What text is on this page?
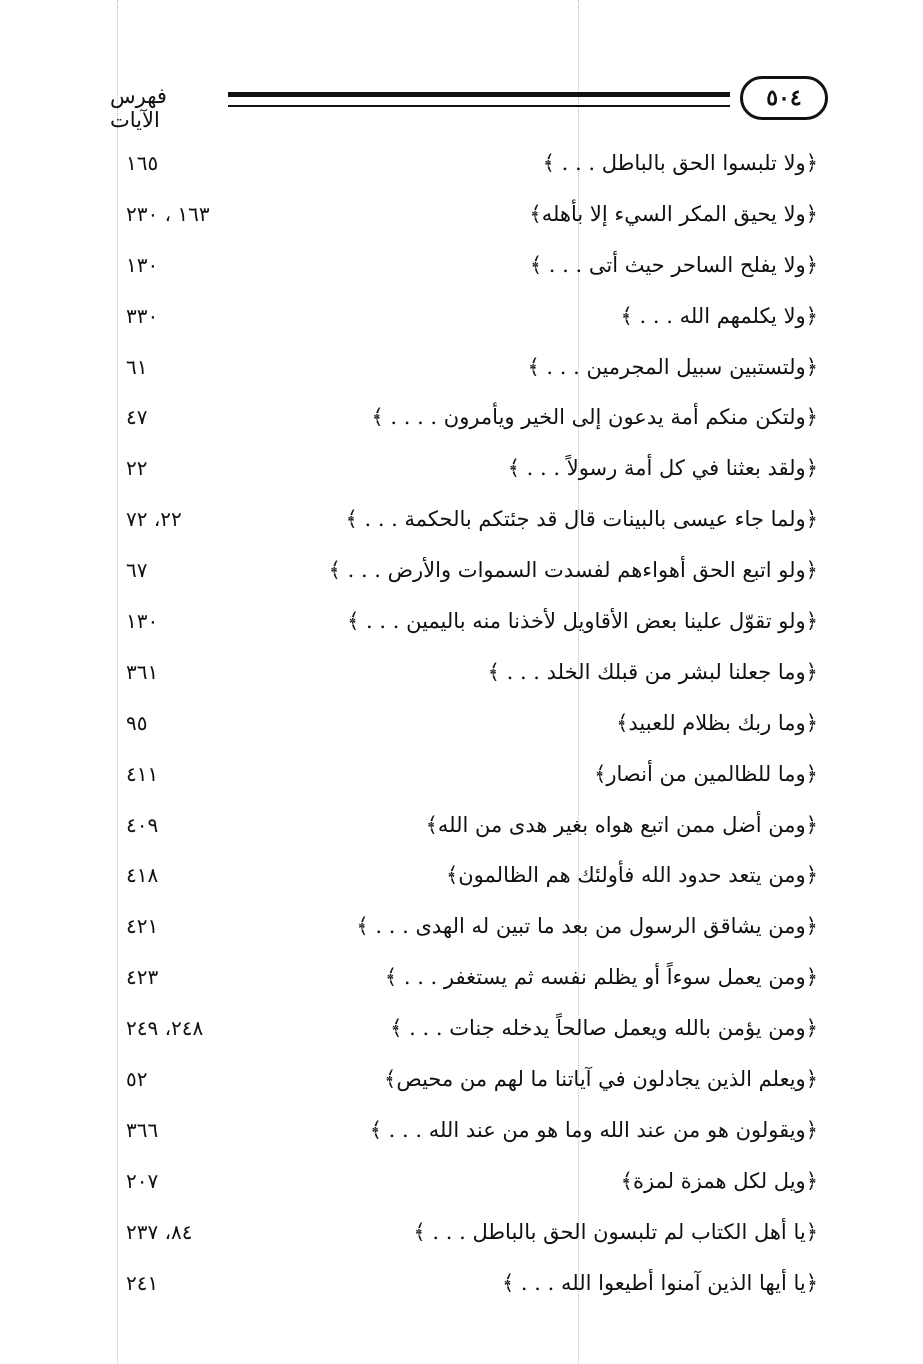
٥٠٤
فهرس الآيات
﴿ولا تلبسوا الحق بالباطل . . . ﴾
١٦٥
﴿ولا يحيق المكر السيء إلا بأهله﴾
١٦٣ ، ٢٣٠
﴿ولا يفلح الساحر حيث أتى . . . ﴾
١٣٠
﴿ولا يكلمهم الله . . . ﴾
٣٣٠
﴿ولتستبين سبيل المجرمين . . . ﴾
٦١
﴿ولتكن منكم أمة يدعون إلى الخير ويأمرون . . . . ﴾
٤٧
﴿ولقد بعثنا في كل أمة رسولاً . . . ﴾
٢٢
﴿ولما جاء عيسى بالبينات قال قد جئتكم بالحكمة . . . ﴾
٢٢، ٧٢
﴿ولو اتبع الحق أهواءهم لفسدت السموات والأرض . . . ﴾
٦٧
﴿ولو تقوّل علينا بعض الأقاويل لأخذنا منه باليمين . . . ﴾
١٣٠
﴿وما جعلنا لبشر من قبلك الخلد . . . ﴾
٣٦١
﴿وما ربك بظلام للعبيد﴾
٩٥
﴿وما للظالمين من أنصار﴾
٤١١
﴿ومن أضل ممن اتبع هواه بغير هدى من الله﴾
٤٠٩
﴿ومن يتعد حدود الله فأولئك هم الظالمون﴾
٤١٨
﴿ومن يشاقق الرسول من بعد ما تبين له الهدى . . . ﴾
٤٢١
﴿ومن يعمل سوءاً أو يظلم نفسه ثم يستغفر . . . ﴾
٤٢٣
﴿ومن يؤمن بالله ويعمل صالحاً يدخله جنات . . . ﴾
٢٤٨، ٢٤٩
﴿ويعلم الذين يجادلون في آياتنا ما لهم من محيص﴾
٥٢
﴿ويقولون هو من عند الله وما هو من عند الله . . . ﴾
٣٦٦
﴿ويل لكل همزة لمزة﴾
٢٠٧
﴿يا أهل الكتاب لم تلبسون الحق بالباطل . . . ﴾
٨٤، ٢٣٧
﴿يا أيها الذين آمنوا أطيعوا الله . . . ﴾
٢٤١
